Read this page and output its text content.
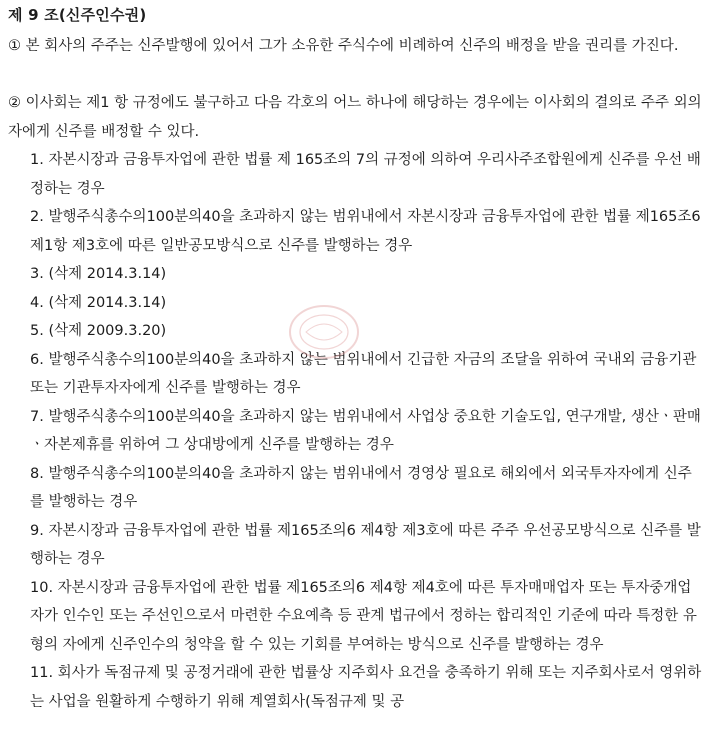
제 9 조(신주인수권)
① 본 회사의 주주는 신주발행에 있어서 그가 소유한 주식수에 비례하여 신주의 배정을 받을 권리를 가진다.
② 이사회는 제1 항 규정에도 불구하고 다음 각호의 어느 하나에 해당하는 경우에는 이사회의 결의로 주주 외의 자에게 신주를 배정할 수 있다.
1. 자본시장과 금융투자업에 관한 법률 제 165조의 7의 규정에 의하여 우리사주조합원에게 신주를 우선 배정하는 경우
2. 발행주식총수의100분의40을 초과하지 않는 범위내에서 자본시장과 금융투자업에 관한 법률 제165조6 제1항 제3호에 따른 일반공모방식으로 신주를 발행하는 경우
3. (삭제 2014.3.14)
4. (삭제 2014.3.14)
5. (삭제 2009.3.20)
6. 발행주식총수의100분의40을 초과하지 않는 범위내에서 긴급한 자금의 조달을 위하여 국내외 금융기관 또는 기관투자자에게 신주를 발행하는 경우
7. 발행주식총수의100분의40을 초과하지 않는 범위내에서 사업상 중요한 기술도입, 연구개발, 생산ㆍ판매ㆍ자본제휴를 위하여 그 상대방에게 신주를 발행하는 경우
8. 발행주식총수의100분의40을 초과하지 않는 범위내에서 경영상 필요로 해외에서 외국투자자에게 신주를 발행하는 경우
9. 자본시장과 금융투자업에 관한 법률 제165조의6 제4항 제3호에 따른 주주 우선공모방식으로 신주를 발행하는 경우
10. 자본시장과 금융투자업에 관한 법률 제165조의6 제4항 제4호에 따른 투자매매업자 또는 투자중개업자가 인수인 또는 주선인으로서 마련한 수요예측 등 관계 법규에서 정하는 합리적인 기준에 따라 특정한 유형의 자에게 신주인수의 청약을 할 수 있는 기회를 부여하는 방식으로 신주를 발행하는 경우
11. 회사가 독점규제 및 공정거래에 관한 법률상 지주회사 요건을 충족하기 위해 또는 지주회사로서 영위하는 사업을 원활하게 수행하기 위해 계열회사(독점규제 및 공
